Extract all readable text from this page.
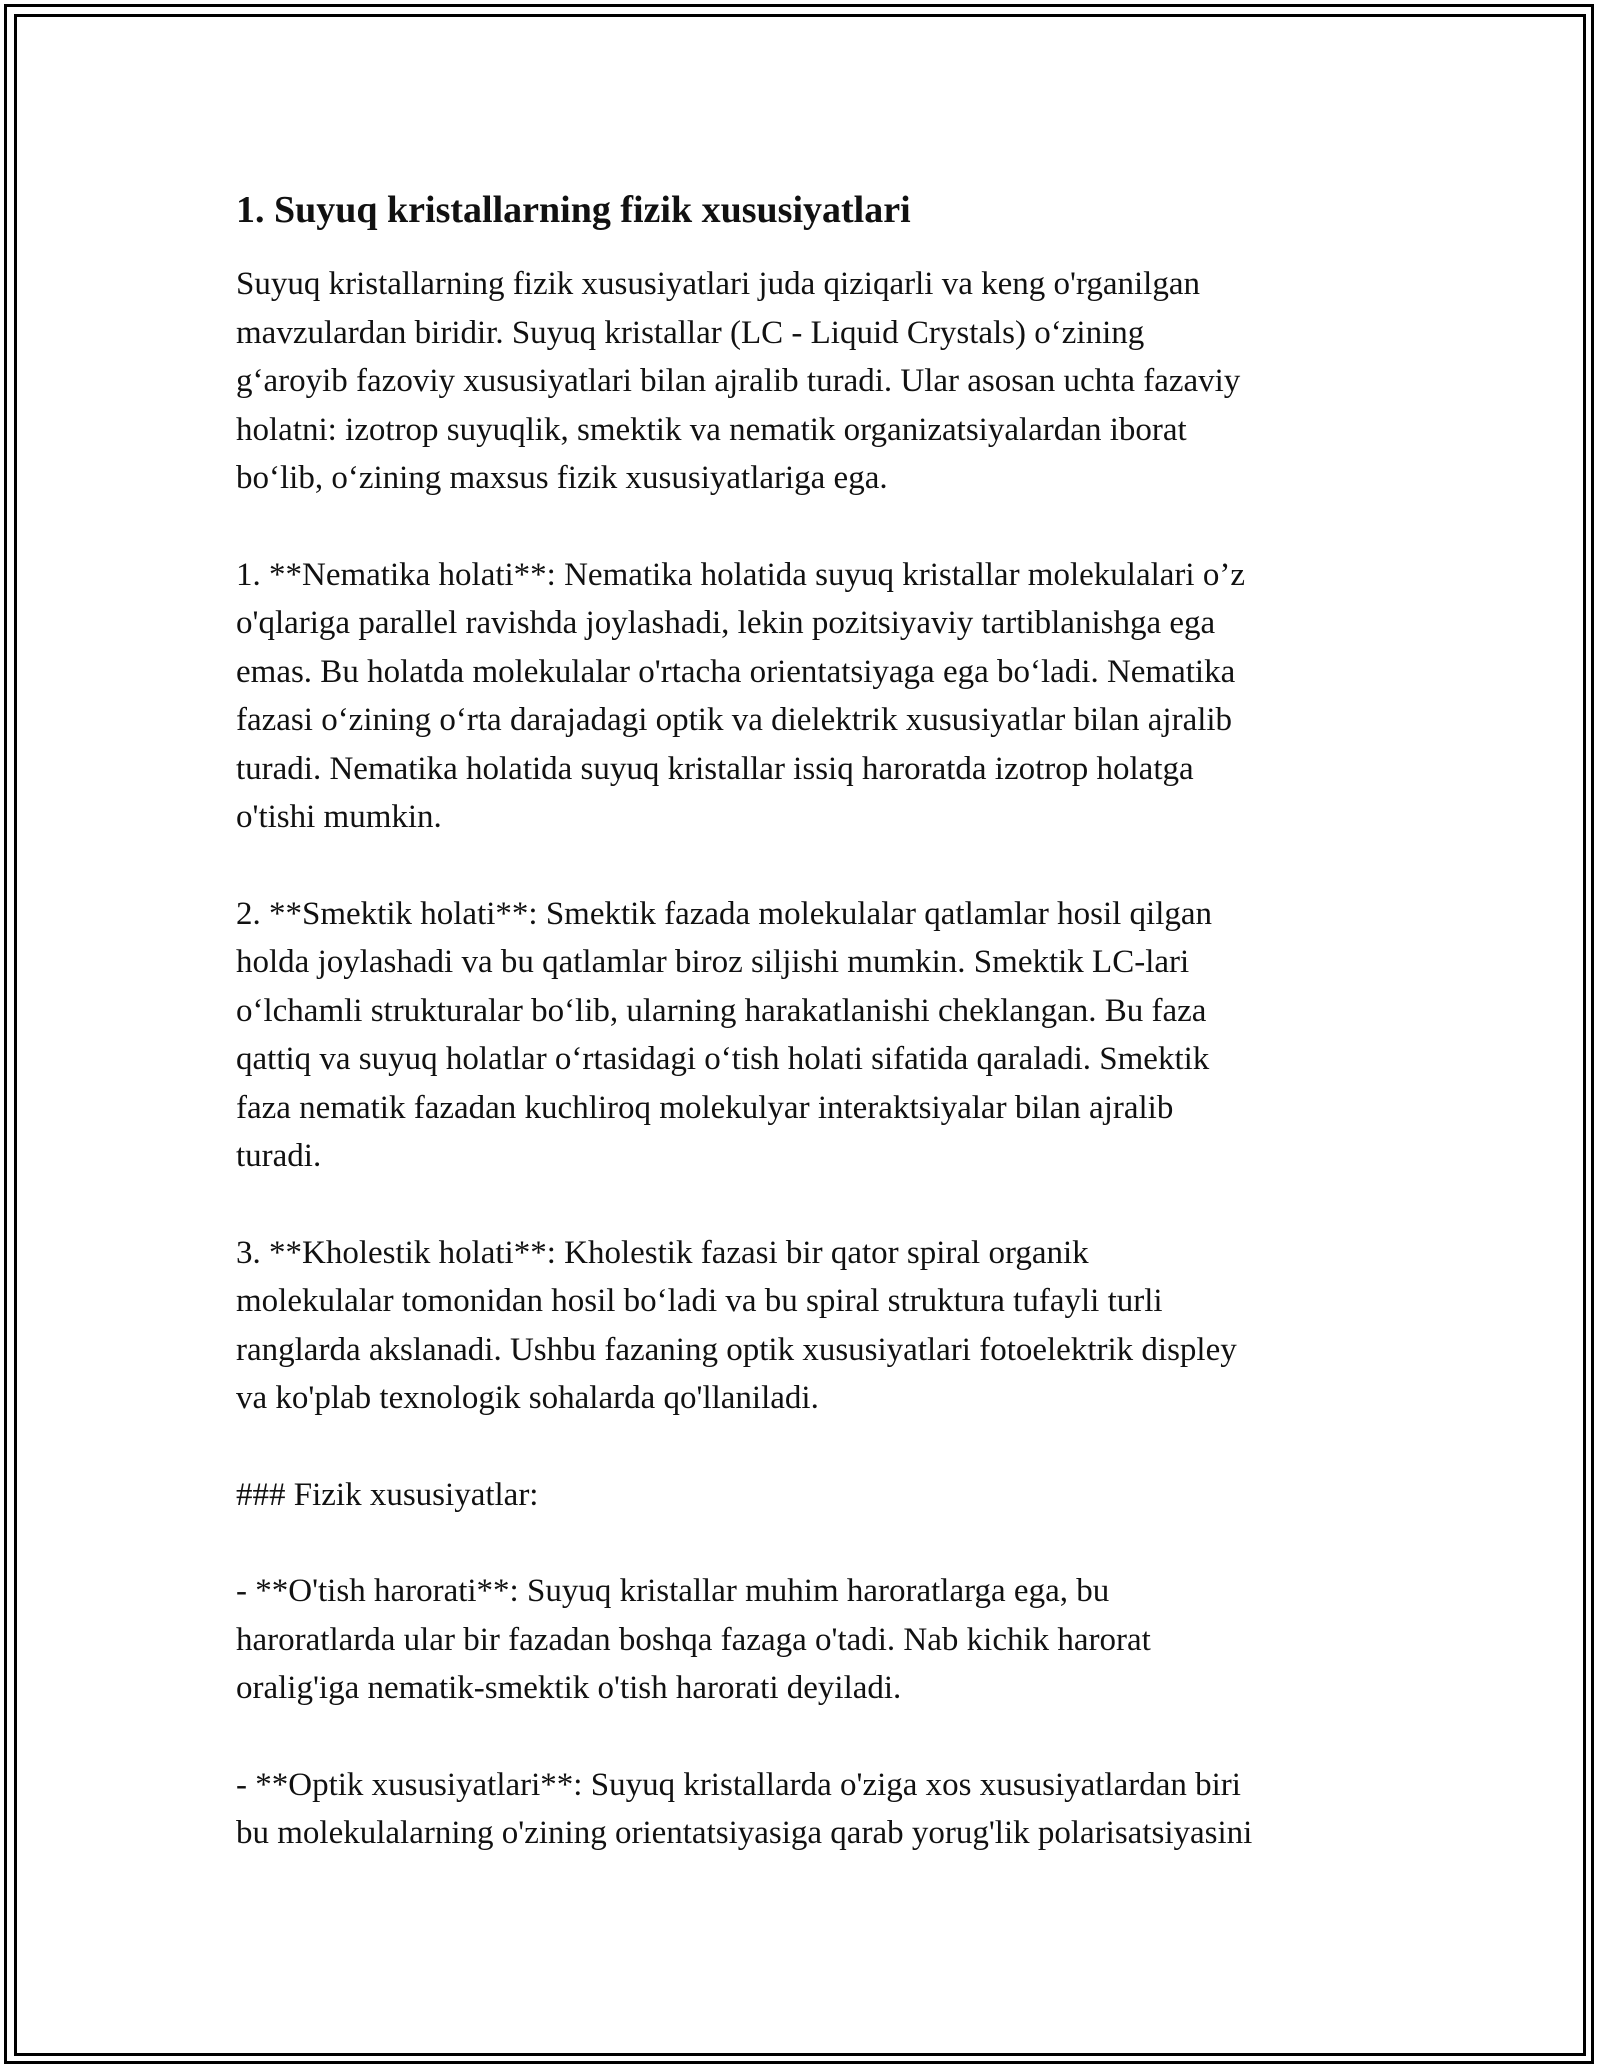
1. Suyuq kristallarning fizik xususiyatlari

Suyuq kristallarning fizik xususiyatlari juda qiziqarli va keng o'rganilgan
mavzulardan biridir. Suyuq kristallar (LC - Liquid Crystals) o‘zining
g‘aroyib fazoviy xususiyatlari bilan ajralib turadi. Ular asosan uchta fazaviy
holatni: izotrop suyuqlik, smektik va nematik organizatsiyalardan iborat
bo‘lib, o‘zining maxsus fizik xususiyatlariga ega.

1. **Nematika holati**: Nematika holatida suyuq kristallar molekulalari o’z
o'qlariga parallel ravishda joylashadi, lekin pozitsiyaviy tartiblanishga ega
emas. Bu holatda molekulalar o'rtacha orientatsiyaga ega bo‘ladi. Nematika
fazasi o‘zining o‘rta darajadagi optik va dielektrik xususiyatlar bilan ajralib
turadi. Nematika holatida suyuq kristallar issiq haroratda izotrop holatga
o'tishi mumkin.

2. **Smektik holati**: Smektik fazada molekulalar qatlamlar hosil qilgan
holda joylashadi va bu qatlamlar biroz siljishi mumkin. Smektik LC-lari
o‘lchamli strukturalar bo‘lib, ularning harakatlanishi cheklangan. Bu faza
qattiq va suyuq holatlar o‘rtasidagi o‘tish holati sifatida qaraladi. Smektik
faza nematik fazadan kuchliroq molekulyar interaktsiyalar bilan ajralib
turadi.

3. **Kholestik holati**: Kholestik fazasi bir qator spiral organik
molekulalar tomonidan hosil bo‘ladi va bu spiral struktura tufayli turli
ranglarda akslanadi. Ushbu fazaning optik xususiyatlari fotoelektrik displey
va ko'plab texnologik sohalarda qo'llaniladi.

### Fizik xususiyatlar:

- **O'tish harorati**: Suyuq kristallar muhim haroratlarga ega, bu
haroratlarda ular bir fazadan boshqa fazaga o'tadi. Nab kichik harorat
oralig'iga nematik-smektik o'tish harorati deyiladi.

- **Optik xususiyatlari**: Suyuq kristallarda o'ziga xos xususiyatlardan biri
bu molekulalarning o'zining orientatsiyasiga qarab yorug'lik polarisatsiyasini
